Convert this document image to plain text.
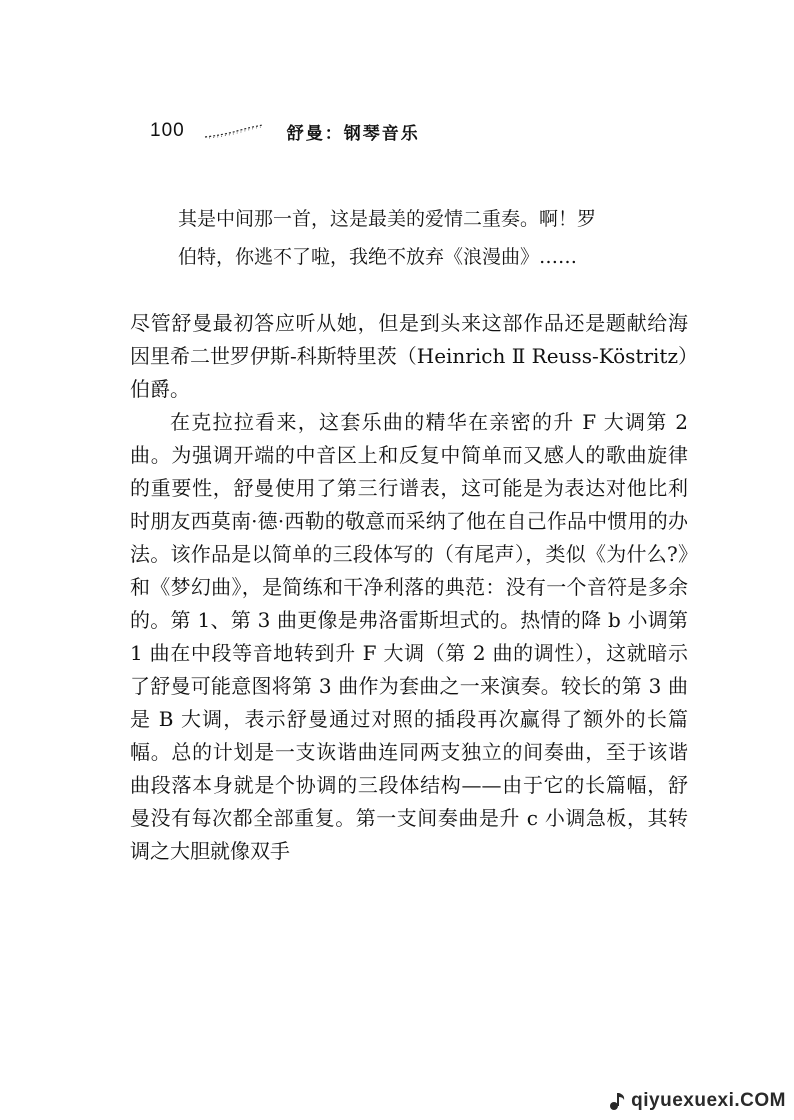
100	舒曼：钢琴音乐

其是中间那一首，这是最美的爱情二重奏。啊！罗

伯特，你逃不了啦，我绝不放弃《浪漫曲》……

尽管舒曼最初答应听从她，但是到头来这部作品还是题献给海因里希二世罗伊斯-科斯特里茨（Heinrich Ⅱ Reuss-Köstritz）伯爵。

在克拉拉看来，这套乐曲的精华在亲密的升 F 大调第 2 曲。为强调开端的中音区上和反复中简单而又感人的歌曲旋律的重要性，舒曼使用了第三行谱表，这可能是为表达对他比利时朋友西莫南·德·西勒的敬意而采纳了他在自己作品中惯用的办法。该作品是以简单的三段体写的（有尾声），类似《为什么?》和《梦幻曲》，是简练和干净利落的典范：没有一个音符是多余的。第 1、第 3 曲更像是弗洛雷斯坦式的。热情的降 b 小调第 1 曲在中段等音地转到升 F 大调（第 2 曲的调性），这就暗示了舒曼可能意图将第 3 曲作为套曲之一来演奏。较长的第 3 曲是 B 大调，表示舒曼通过对照的插段再次赢得了额外的长篇幅。总的计划是一支诙谐曲连同两支独立的间奏曲，至于该谐曲段落本身就是个协调的三段体结构——由于它的长篇幅，舒曼没有每次都全部重复。第一支间奏曲是升 c 小调急板，其转调之大胆就像双手

qiyuexuexi.COM
